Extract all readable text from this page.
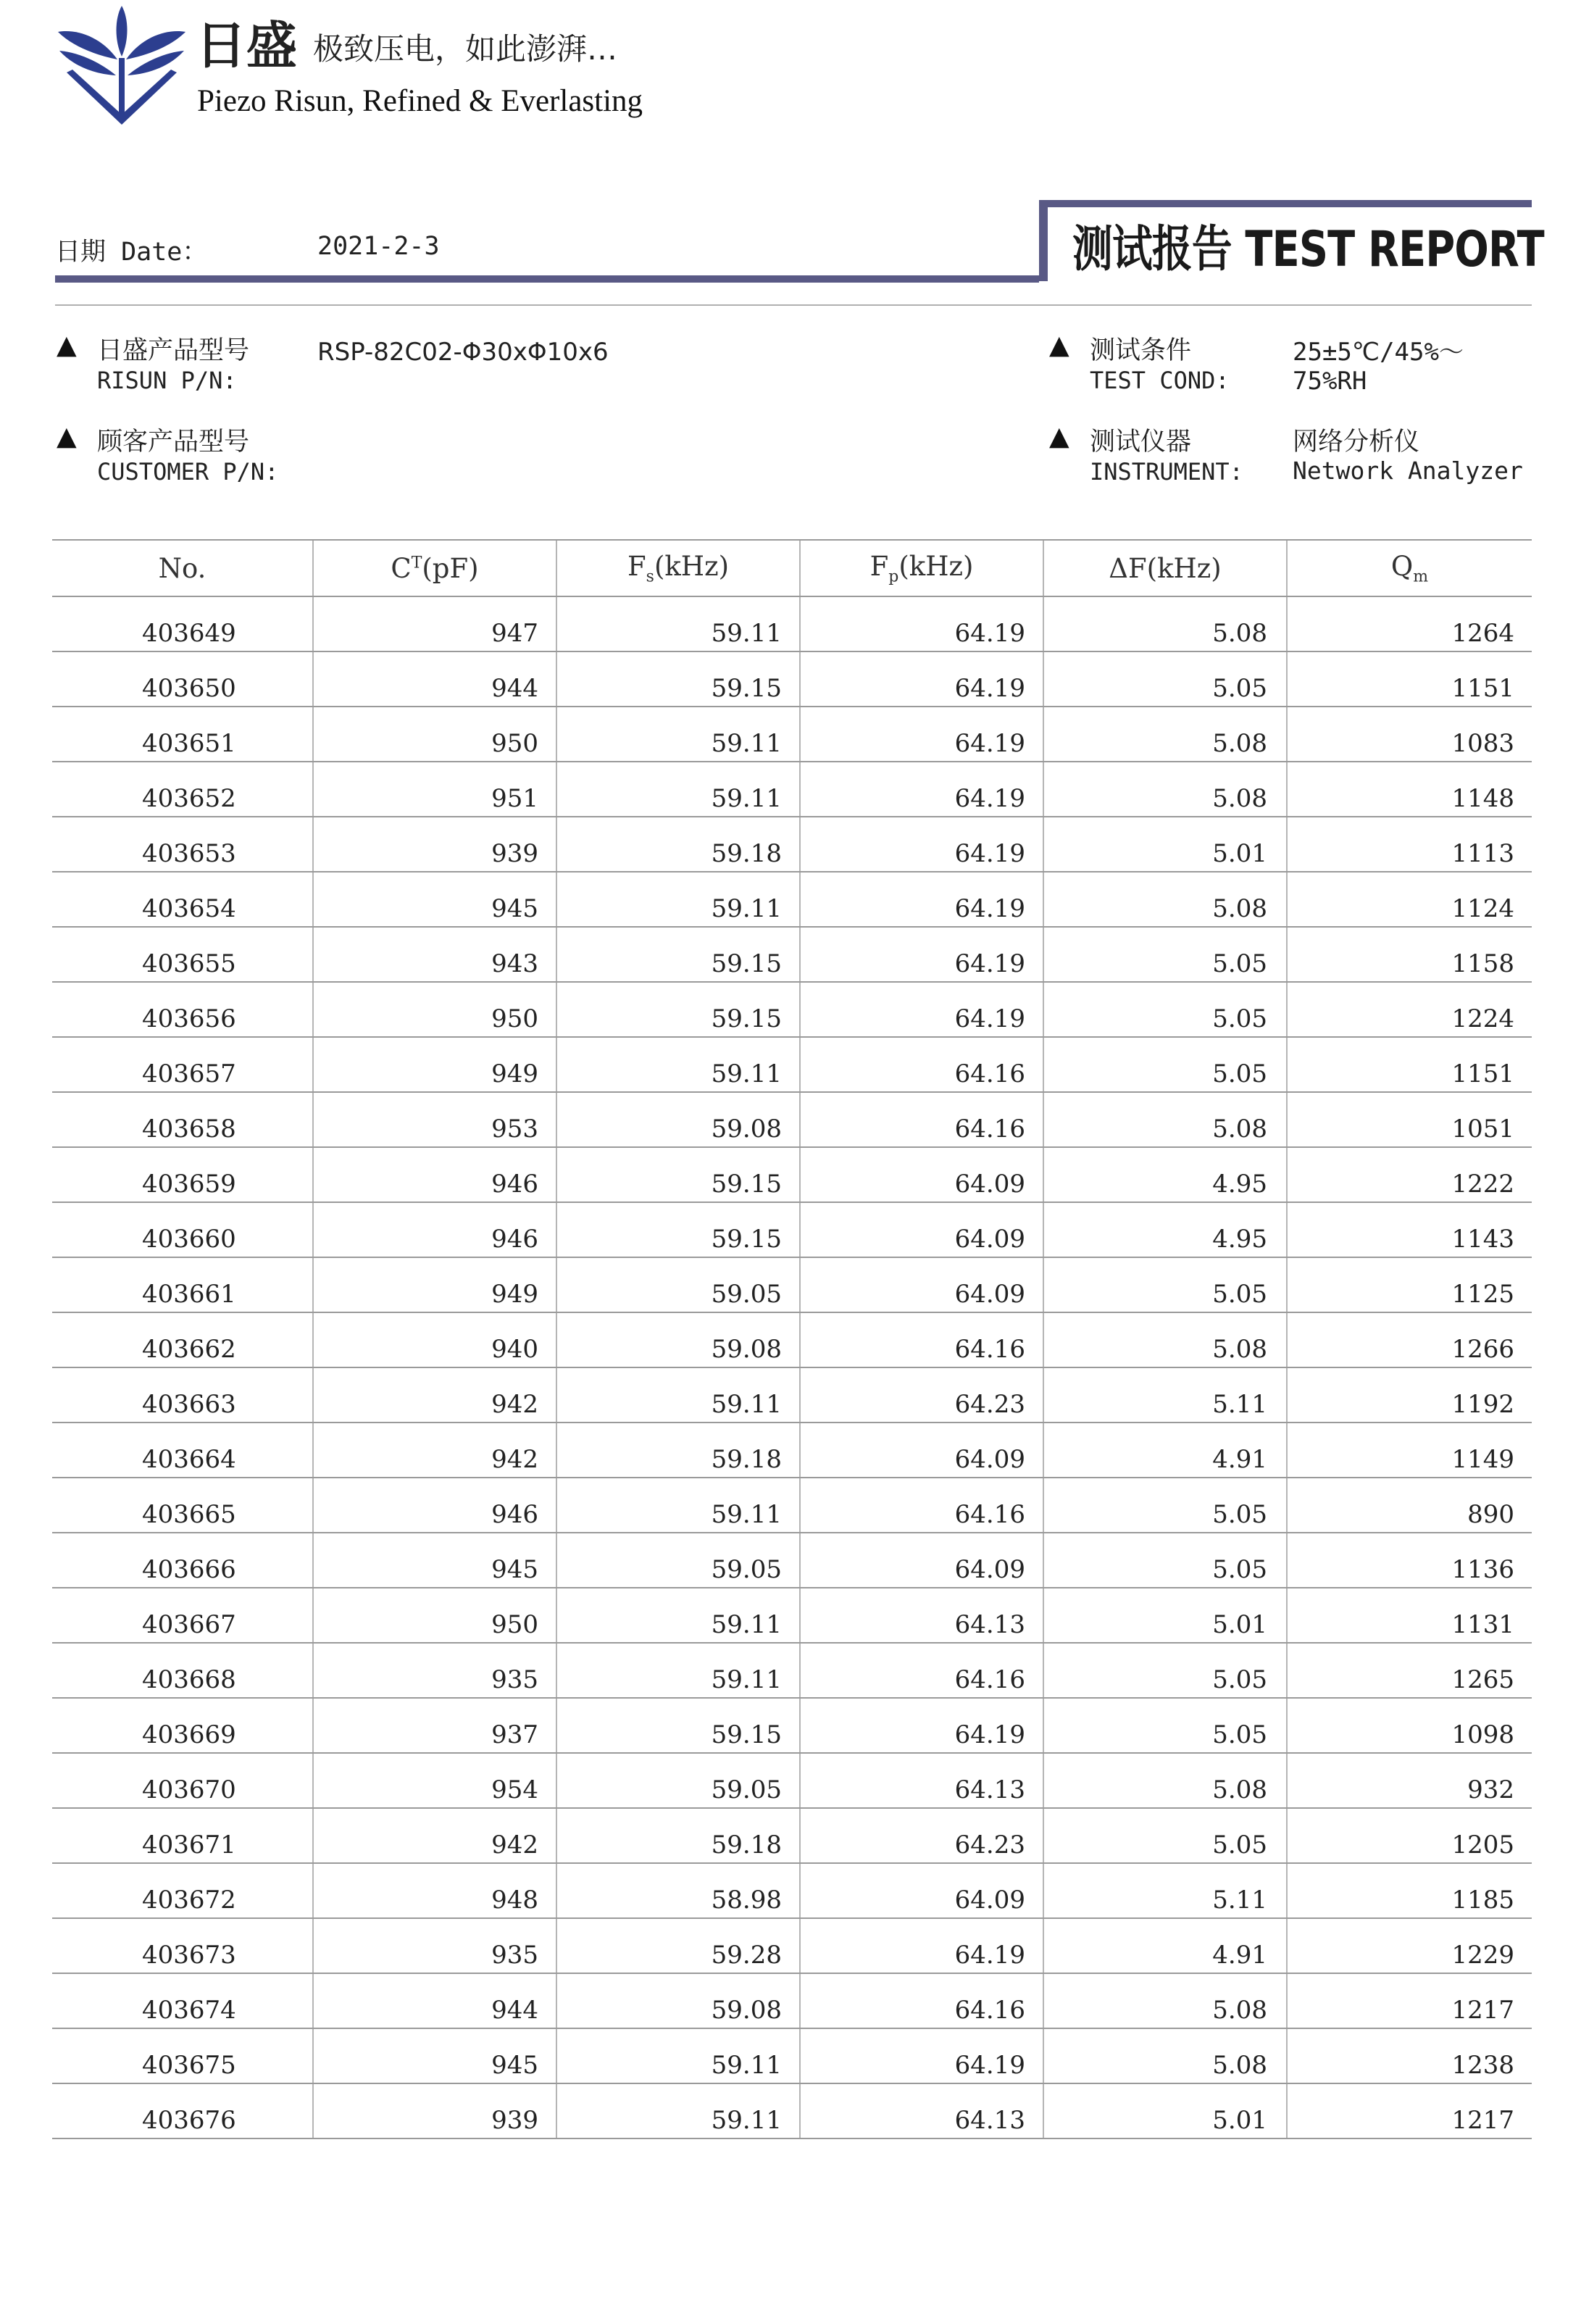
日盛 极致压电，如此澎湃…
Piezo Risun, Refined & Everlasting
日期 Date：	2021-2-3	测试报告 TEST REPORT
▲ 日盛产品型号
RISUN P/N:
RSP-82C02-Φ30xΦ10x6
▲ 顾客产品型号
CUSTOMER P/N:
▲ 测试条件
TEST COND:
25±5℃/45%～
75%RH
▲ 测试仪器
INSTRUMENT:
网络分析仪
Network Analyzer
No.	$C^T(pF)$	$F_s(kHz)$	$F_p(kHz)$	ΔF(kHz)	$Q_m$
403649	947	59.11	64.19	5.08	1264
403650	944	59.15	64.19	5.05	1151
403651	950	59.11	64.19	5.08	1083
403652	951	59.11	64.19	5.08	1148
403653	939	59.18	64.19	5.01	1113
403654	945	59.11	64.19	5.08	1124
403655	943	59.15	64.19	5.05	1158
403656	950	59.15	64.19	5.05	1224
403657	949	59.11	64.16	5.05	1151
403658	953	59.08	64.16	5.08	1051
403659	946	59.15	64.09	4.95	1222
403660	946	59.15	64.09	4.95	1143
403661	949	59.05	64.09	5.05	1125
403662	940	59.08	64.16	5.08	1266
403663	942	59.11	64.23	5.11	1192
403664	942	59.18	64.09	4.91	1149
403665	946	59.11	64.16	5.05	890
403666	945	59.05	64.09	5.05	1136
403667	950	59.11	64.13	5.01	1131
403668	935	59.11	64.16	5.05	1265
403669	937	59.15	64.19	5.05	1098
403670	954	59.05	64.13	5.08	932
403671	942	59.18	64.23	5.05	1205
403672	948	58.98	64.09	5.11	1185
403673	935	59.28	64.19	4.91	1229
403674	944	59.08	64.16	5.08	1217
403675	945	59.11	64.19	5.08	1238
403676	939	59.11	64.13	5.01	1217
